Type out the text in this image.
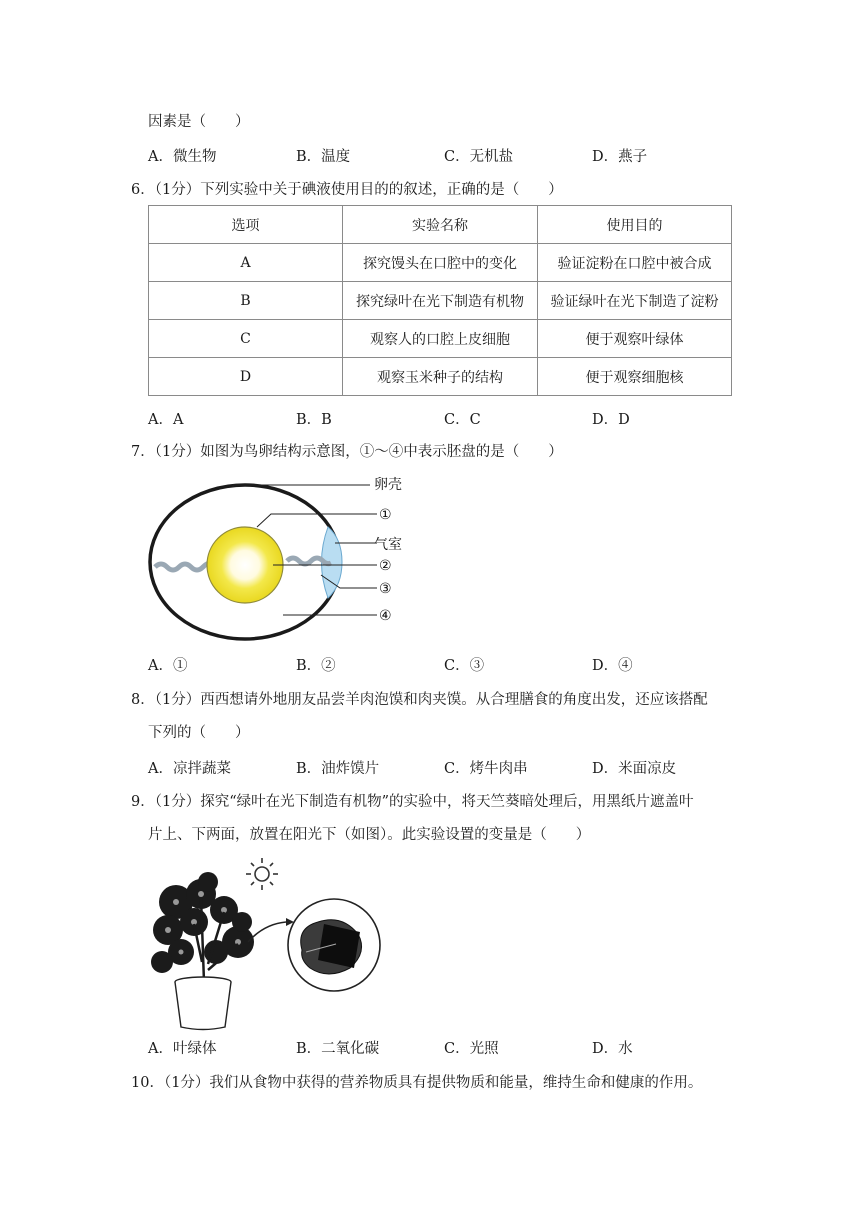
因素是（　　）
A．微生物	B．温度	C．无机盐	D．燕子
6．（1分）下列实验中关于碘液使用目的的叙述，正确的是（　　）
选项	实验名称	使用目的
A	探究馒头在口腔中的变化	验证淀粉在口腔中被合成
B	探究绿叶在光下制造有机物	验证绿叶在光下制造了淀粉
C	观察人的口腔上皮细胞	便于观察叶绿体
D	观察玉米种子的结构	便于观察细胞核
A．A	B．B	C．C	D．D
7．（1分）如图为鸟卵结构示意图，①～④中表示胚盘的是（　　）
卵壳
①
气室
②
③
④
A．①	B．②	C．③	D．④
8．（1分）西西想请外地朋友品尝羊肉泡馍和肉夹馍。从合理膳食的角度出发，还应该搭配
下列的（　　）
A．凉拌蔬菜	B．油炸馍片	C．烤牛肉串	D．米面凉皮
9．（1分）探究“绿叶在光下制造有机物”的实验中，将天竺葵暗处理后，用黑纸片遮盖叶
片上、下两面，放置在阳光下（如图）。此实验设置的变量是（　　）
A．叶绿体	B．二氧化碳	C．光照	D．水
10．（1分）我们从食物中获得的营养物质具有提供物质和能量，维持生命和健康的作用。
